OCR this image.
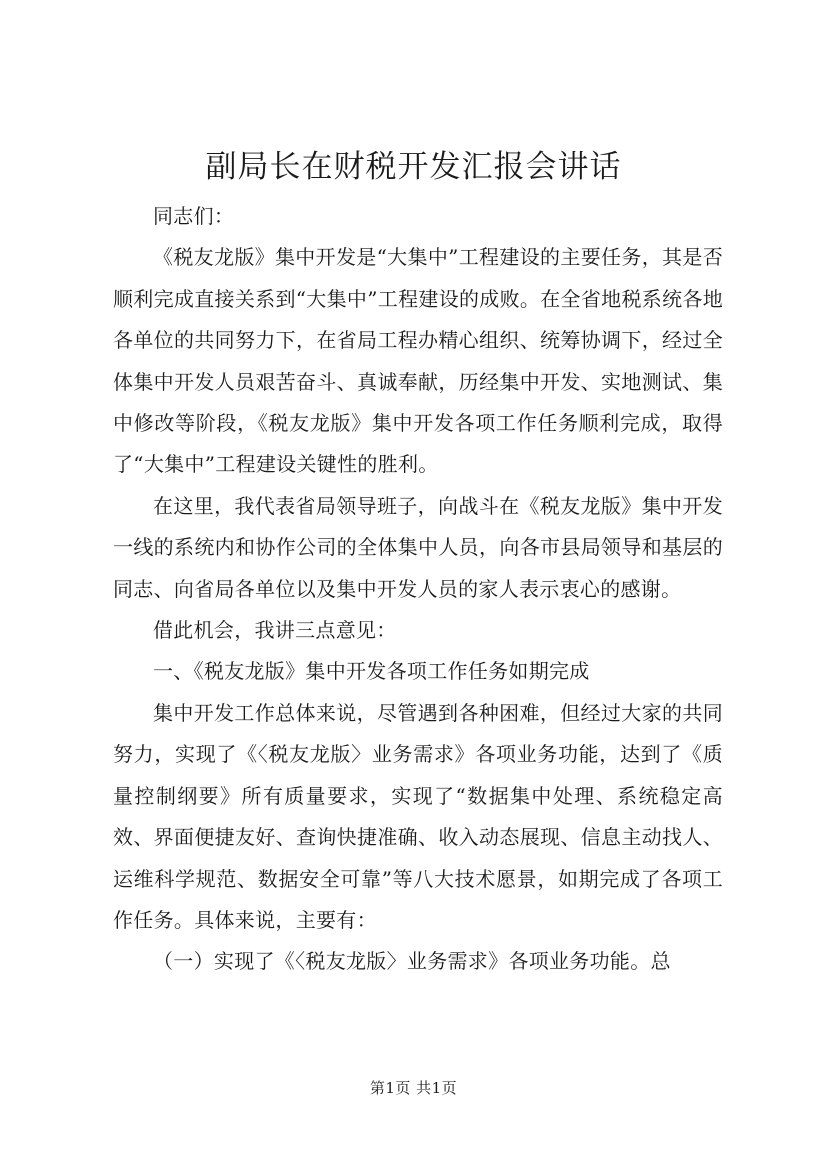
副局长在财税开发汇报会讲话

同志们：

《税友龙版》集中开发是“大集中”工程建设的主要任务，其是否顺利完成直接关系到“大集中”工程建设的成败。在全省地税系统各地各单位的共同努力下，在省局工程办精心组织、统筹协调下，经过全体集中开发人员艰苦奋斗、真诚奉献，历经集中开发、实地测试、集中修改等阶段，《税友龙版》集中开发各项工作任务顺利完成，取得了“大集中”工程建设关键性的胜利。

在这里，我代表省局领导班子，向战斗在《税友龙版》集中开发一线的系统内和协作公司的全体集中人员，向各市县局领导和基层的同志、向省局各单位以及集中开发人员的家人表示衷心的感谢。

借此机会，我讲三点意见：

一、《税友龙版》集中开发各项工作任务如期完成

集中开发工作总体来说，尽管遇到各种困难，但经过大家的共同努力，实现了《〈税友龙版〉业务需求》各项业务功能，达到了《质量控制纲要》所有质量要求，实现了“数据集中处理、系统稳定高效、界面便捷友好、查询快捷准确、收入动态展现、信息主动找人、运维科学规范、数据安全可靠”等八大技术愿景，如期完成了各项工作任务。具体来说，主要有：

（一）实现了《〈税友龙版〉业务需求》各项业务功能。总

第1页 共1页
